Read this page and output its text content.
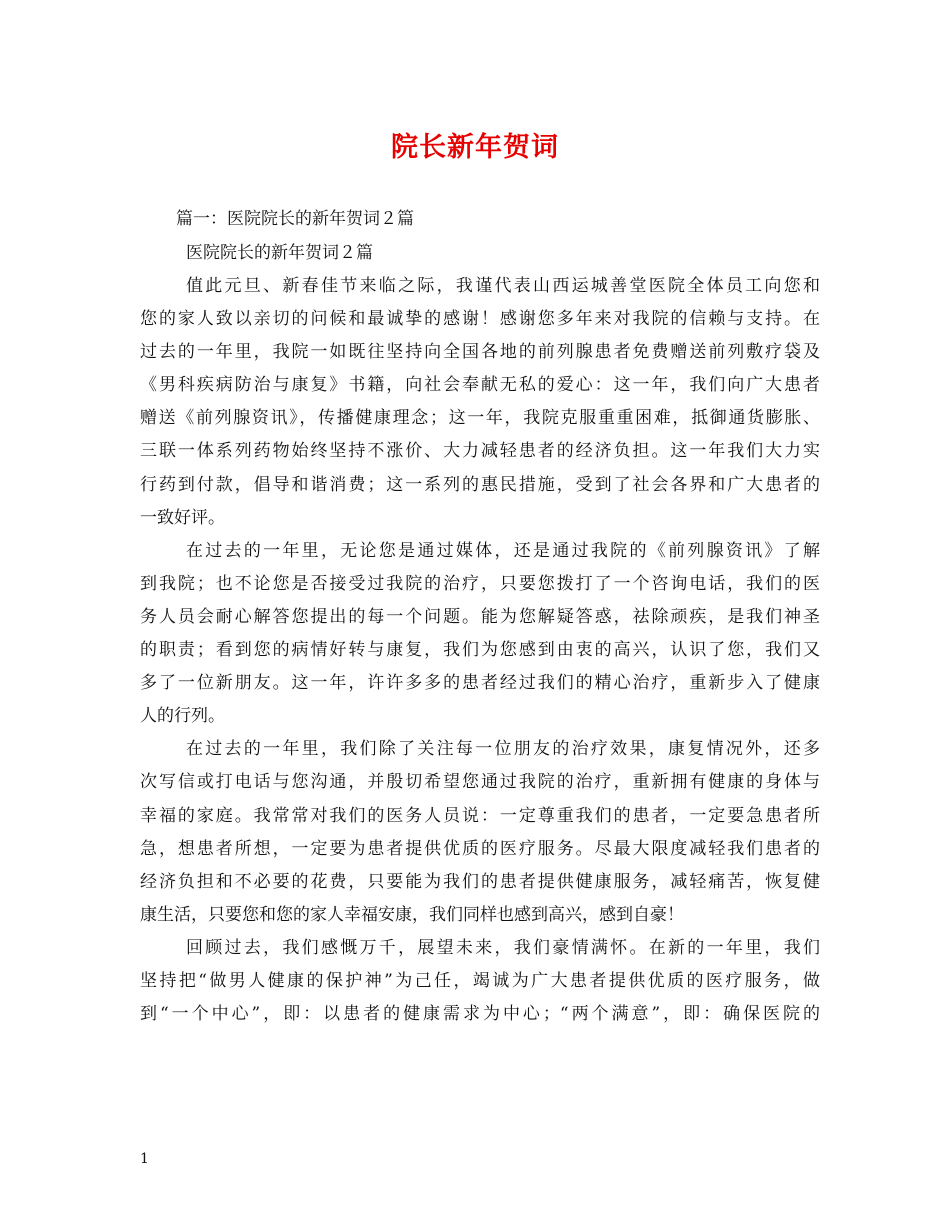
院长新年贺词
篇一：医院院长的新年贺词２篇
医院院长的新年贺词２篇
值此元旦、新春佳节来临之际，我谨代表山西运城善堂医院全体员工向您和
您的家人致以亲切的问候和最诚挚的感谢！感谢您多年来对我院的信赖与支持。在
过去的一年里，我院一如既往坚持向全国各地的前列腺患者免费赠送前列敷疗袋及
《男科疾病防治与康复》书籍，向社会奉献无私的爱心：这一年，我们向广大患者
赠送《前列腺资讯》，传播健康理念；这一年，我院克服重重困难，抵御通货膨胀、
三联一体系列药物始终坚持不涨价、大力减轻患者的经济负担。这一年我们大力实
行药到付款，倡导和谐消费；这一系列的惠民措施，受到了社会各界和广大患者的
一致好评。
在过去的一年里，无论您是通过媒体，还是通过我院的《前列腺资讯》了解
到我院；也不论您是否接受过我院的治疗，只要您拨打了一个咨询电话，我们的医
务人员会耐心解答您提出的每一个问题。能为您解疑答惑，祛除顽疾，是我们神圣
的职责；看到您的病情好转与康复，我们为您感到由衷的高兴，认识了您，我们又
多了一位新朋友。这一年，许许多多的患者经过我们的精心治疗，重新步入了健康
人的行列。
在过去的一年里，我们除了关注每一位朋友的治疗效果，康复情况外，还多
次写信或打电话与您沟通，并殷切希望您通过我院的治疗，重新拥有健康的身体与
幸福的家庭。我常常对我们的医务人员说：一定尊重我们的患者，一定要急患者所
急，想患者所想，一定要为患者提供优质的医疗服务。尽最大限度减轻我们患者的
经济负担和不必要的花费，只要能为我们的患者提供健康服务，减轻痛苦，恢复健
康生活，只要您和您的家人幸福安康，我们同样也感到高兴，感到自豪！
回顾过去，我们感慨万千，展望未来，我们豪情满怀。在新的一年里，我们
坚持把“做男人健康的保护神”为己任，竭诚为广大患者提供优质的医疗服务，做
到“一个中心”，即：以患者的健康需求为中心；“两个满意”，即：确保医院的
1
